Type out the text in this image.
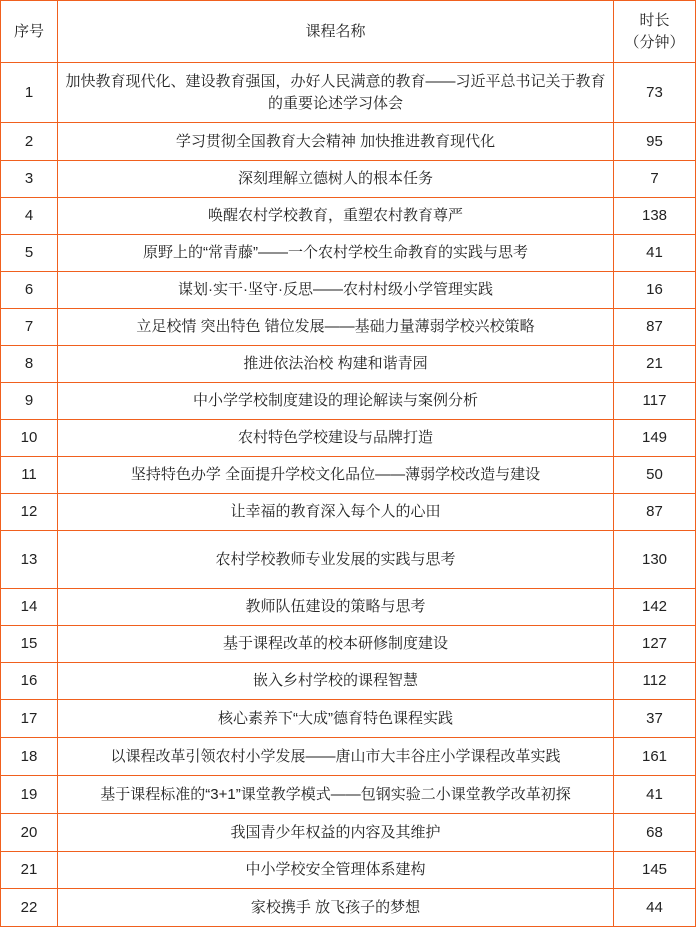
序号	课程名称	时长
（分钟）

1	加快教育现代化、建设教育强国，办好人民满意的教育——习近平总书记关于教育的重要论述学习体会	73
2	学习贯彻全国教育大会精神 加快推进教育现代化	95
3	深刻理解立德树人的根本任务	7
4	唤醒农村学校教育，重塑农村教育尊严	138
5	原野上的“常青藤”——一个农村学校生命教育的实践与思考	41
6	谋划·实干·坚守·反思——农村村级小学管理实践	16
7	立足校情 突出特色 错位发展——基础力量薄弱学校兴校策略	87
8	推进依法治校 构建和谐青园	21
9	中小学学校制度建设的理论解读与案例分析	117
10	农村特色学校建设与品牌打造	149
11	坚持特色办学 全面提升学校文化品位——薄弱学校改造与建设	50
12	让幸福的教育深入每个人的心田	87
13	农村学校教师专业发展的实践与思考	130
14	教师队伍建设的策略与思考	142
15	基于课程改革的校本研修制度建设	127
16	嵌入乡村学校的课程智慧	112
17	核心素养下“大成”德育特色课程实践	37
18	以课程改革引领农村小学发展——唐山市大丰谷庄小学课程改革实践	161
19	基于课程标准的“3+1”课堂教学模式——包钢实验二小课堂教学改革初探	41
20	我国青少年权益的内容及其维护	68
21	中小学校安全管理体系建构	145
22	家校携手 放飞孩子的梦想	44
